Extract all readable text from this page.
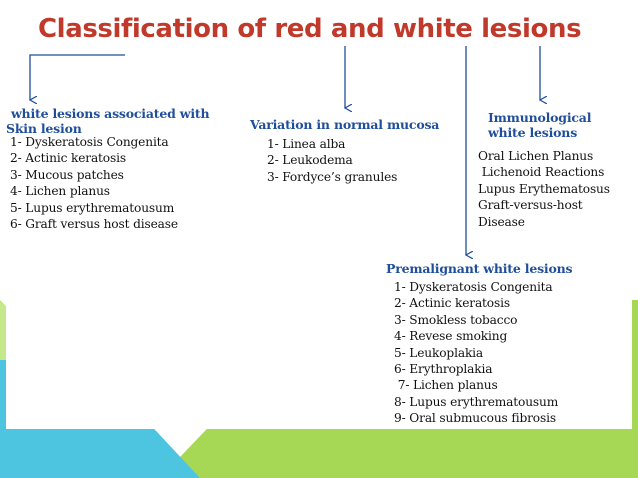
Classification of red and white lesions
white lesions associated with
Skin lesion
1- Dyskeratosis Congenita
2- Actinic keratosis
3- Mucous patches
4- Lichen planus
5- Lupus erythrematousum
6- Graft versus host disease
Variation in normal mucosa
1- Linea alba
2- Leukodema
3- Fordyce’s granules
Immunological
white lesions
Oral Lichen Planus
Lichenoid Reactions
Lupus Erythematosus
Graft-versus-host
Disease
Premalignant white lesions
1- Dyskeratosis Congenita
2- Actinic keratosis
3- Smokless tobacco
4- Revese smoking
5- Leukoplakia
6- Erythroplakia
7- Lichen planus
8- Lupus erythrematousum
9- Oral submucous fibrosis
